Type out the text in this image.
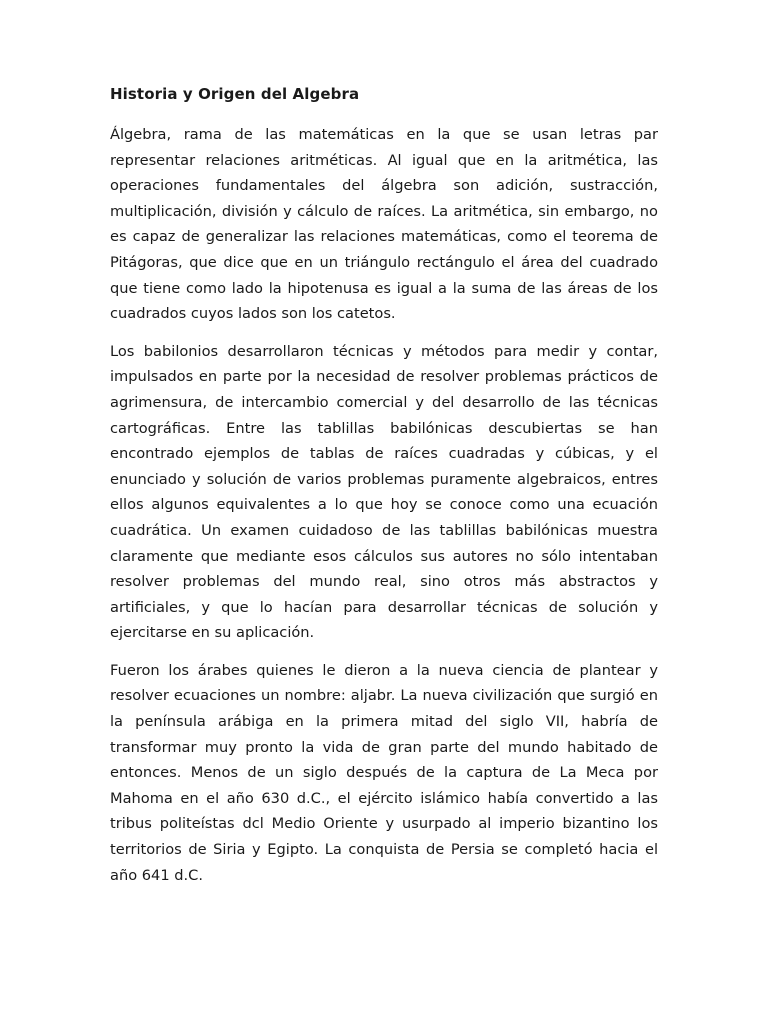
Historia y Origen del Algebra

Álgebra, rama de las matemáticas en la que se usan letras par representar relaciones aritméticas. Al igual que en la aritmética, las operaciones fundamentales del álgebra son adición, sustracción, multiplicación, división y cálculo de raíces. La aritmética, sin embargo, no es capaz de generalizar las relaciones matemáticas, como el teorema de Pitágoras, que dice que en un triángulo rectángulo el área del cuadrado que tiene como lado la hipotenusa es igual a la suma de las áreas de los cuadrados cuyos lados son los catetos.

Los babilonios desarrollaron técnicas y métodos para medir y contar, impulsados en parte por la necesidad de resolver problemas prácticos de agrimensura, de intercambio comercial y del desarrollo de las técnicas cartográficas. Entre las tablillas babilónicas descubiertas se han encontrado ejemplos de tablas de raíces cuadradas y cúbicas, y el enunciado y solución de varios problemas puramente algebraicos, entres ellos algunos equivalentes a lo que hoy se conoce como una ecuación cuadrática. Un examen cuidadoso de las tablillas babilónicas muestra claramente que mediante esos cálculos sus autores no sólo intentaban resolver problemas del mundo real, sino otros más abstractos y artificiales, y que lo hacían para desarrollar técnicas de solución y ejercitarse en su aplicación.

Fueron los árabes quienes le dieron a la nueva ciencia de plantear y resolver ecuaciones un nombre: aljabr. La nueva civilización que surgió en la península arábiga en la primera mitad del siglo VII, habría de transformar muy pronto la vida de gran parte del mundo habitado de entonces. Menos de un siglo después de la captura de La Meca por Mahoma en el año 630 d.C., el ejército islámico había convertido a las tribus politeístas dcl Medio Oriente y usurpado al imperio bizantino los territorios de Siria y Egipto. La conquista de Persia se completó hacia el año 641 d.C.
